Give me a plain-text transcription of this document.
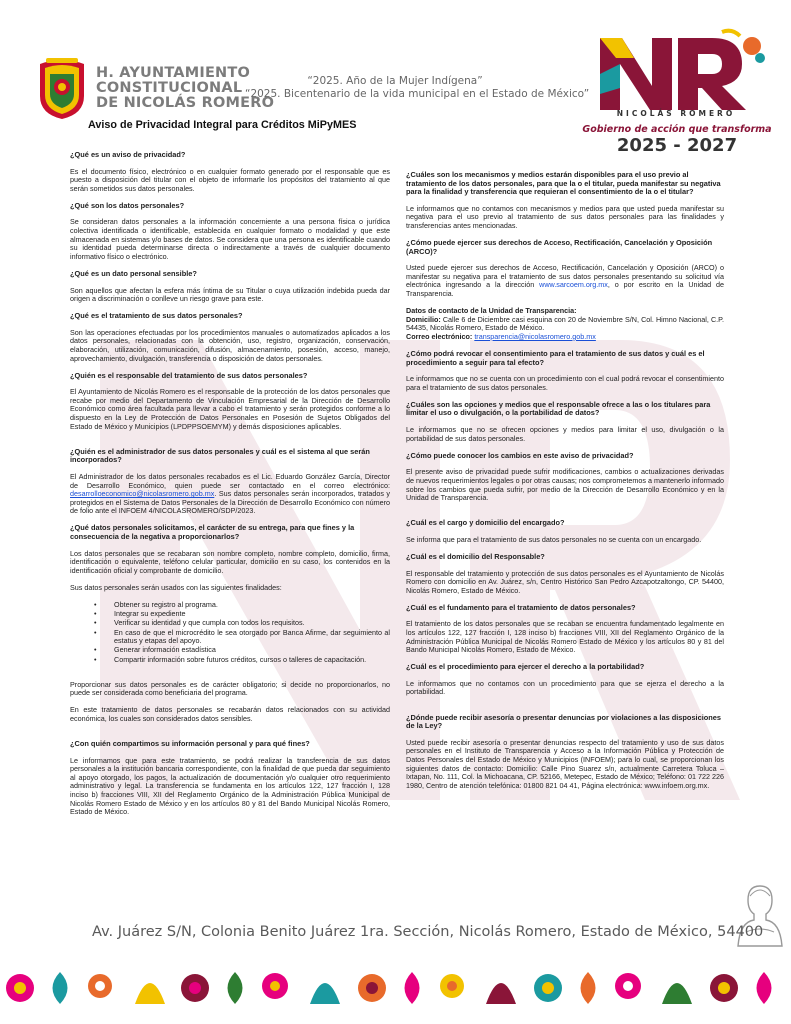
H. AYUNTAMIENTO
CONSTITUCIONAL
DE NICOLÁS ROMERO
“2025. Año de la Mujer Indígena”
“2025. Bicentenario de la vida municipal en el Estado de México”
NICOLÁS ROMERO
Gobierno de acción que transforma
2025 - 2027
Aviso de Privacidad Integral para Créditos MiPyMES
¿Qué es un aviso de privacidad?

Es el documento físico, electrónico o en cualquier formato generado por el responsable que es puesto a disposición del titular con el objeto de informarle los propósitos del tratamiento al que serán sometidos sus datos personales.

¿Qué son los datos personales?

Se consideran datos personales a la información concerniente a una persona física o jurídica colectiva identificada o identificable, establecida en cualquier formato o modalidad y que este almacenada en sistemas y/o bases de datos. Se considera que una persona es identificable cuando su identidad pueda determinarse directa o indirectamente a través de cualquier documento informativo físico o electrónico.

¿Qué es un dato personal sensible?

Son aquellos que afectan la esfera más íntima de su Titular o cuya utilización indebida pueda dar origen a discriminación o conlleve un riesgo grave para este.

¿Qué es el tratamiento de sus datos personales?

Son las operaciones efectuadas por los procedimientos manuales o automatizados aplicados a los datos personales, relacionadas con la obtención, uso, registro, organización, conservación, elaboración, utilización, comunicación, difusión, almacenamiento, posesión, acceso, manejo, aprovechamiento, divulgación, transferencia o disposición de datos personales.

¿Quién es el responsable del tratamiento de sus datos personales?

El Ayuntamiento de Nicolás Romero es el responsable de la protección de los datos personales que recabe por medio del Departamento de Vinculación Empresarial de la Dirección de Desarrollo Económico como área facultada para llevar a cabo el tratamiento y serán protegidos conforme a lo dispuesto en la Ley de Protección de Datos Personales en Posesión de Sujetos Obligados del Estado de México y Municipios (LPDPPSOEMYM) y demás disposiciones aplicables.

¿Quién es el administrador de sus datos personales y cuál es el sistema al que serán incorporados?

El Administrador de los datos personales recabados es el Lic. Eduardo González García, Director de Desarrollo Económico, quien puede ser contactado en el correo electrónico: desarrolloeconomico@nicolasromero.gob.mx. Sus datos personales serán incorporados, tratados y protegidos en el Sistema de Datos Personales de la Dirección de Desarrollo Económico con número de folio ante el INFOEM 4/NICOLASROMERO/SDP/2023.

¿Qué datos personales solicitamos, el carácter de su entrega, para que fines y la consecuencia de la negativa a proporcionarlos?

Los datos personales que se recabaran son nombre completo, nombre completo, domicilio, firma, identificación o equivalente, teléfono celular particular, domicilio en su caso, los contenidos en la identificación oficial y comprobante de domicilio.

Sus datos personales serán usados con las siguientes finalidades:

• Obtener su registro al programa.
• Integrar su expediente
• Verificar su identidad y que cumpla con todos los requisitos.
• En caso de que el microcrédito le sea otorgado por Banca Afirme, dar seguimiento al estatus y etapas del apoyo.
• Generar información estadística
• Compartir información sobre futuros créditos, cursos o talleres de capacitación.

Proporcionar sus datos personales es de carácter obligatorio; si decide no proporcionarlos, no puede ser considerada como beneficiaria del programa.

En este tratamiento de datos personales se recabarán datos relacionados con su actividad económica, los cuales son considerados datos sensibles.

¿Con quién compartimos su información personal y para qué fines?

Le informamos que para este tratamiento, se podrá realizar la transferencia de sus datos personales a la institución bancaria correspondiente, con la finalidad de que pueda dar seguimiento al apoyo otorgado, los pagos, la actualización de documentación y/o cualquier otro requerimiento administrativo y legal. La transferencia se fundamenta en los artículos 122, 127 fracción I, 128 inciso b) fracciones VIII, XII del Reglamento Orgánico de la Administración Pública Municipal de Nicolás Romero Estado de México y en los artículos 80 y 81 del Bando Municipal Nicolás Romero, Estado de México.

¿Cuáles son los mecanismos y medios estarán disponibles para el uso previo al tratamiento de los datos personales, para que la o el titular, pueda manifestar su negativa para la finalidad y transferencia que requieran el consentimiento de la o el titular?

Le informamos que no contamos con mecanismos y medios para que usted pueda manifestar su negativa para el uso previo al tratamiento de sus datos personales para las finalidades y transferencias antes mencionadas.

¿Cómo puede ejercer sus derechos de Acceso, Rectificación, Cancelación y Oposición (ARCO)?

Usted puede ejercer sus derechos de Acceso, Rectificación, Cancelación y Oposición (ARCO) o manifestar su negativa para el tratamiento de sus datos personales presentando su solicitud vía electrónica ingresando a la dirección www.sarcoem.org.mx, o por escrito en la Unidad de Transparencia.

Datos de contacto de la Unidad de Transparencia:
Domicilio: Calle 6 de Diciembre casi esquina con 20 de Noviembre S/N, Col. Himno Nacional, C.P. 54435, Nicolás Romero, Estado de México.
Correo electrónico: transparencia@nicolasromero.gob.mx

¿Cómo podrá revocar el consentimiento para el tratamiento de sus datos y cuál es el procedimiento a seguir para tal efecto?

Le informamos que no se cuenta con un procedimiento con el cual podrá revocar el consentimiento para el tratamiento de sus datos personales.

¿Cuáles son las opciones y medios que el responsable ofrece a las o los titulares para limitar el uso o divulgación, o la portabilidad de datos?

Le informamos que no se ofrecen opciones y medios para limitar el uso, divulgación o la portabilidad de sus datos personales.

¿Cómo puede conocer los cambios en este aviso de privacidad?

El presente aviso de privacidad puede sufrir modificaciones, cambios o actualizaciones derivadas de nuevos requerimientos legales o por otras causas; nos comprometemos a mantenerlo informado sobre los cambios que pueda sufrir, por medio de la Dirección de Desarrollo Económico y en la Unidad de Transparencia.

¿Cuál es el cargo y domicilio del encargado?

Se informa que para el tratamiento de sus datos personales no se cuenta con un encargado.

¿Cuál es el domicilio del Responsable?

El responsable del tratamiento y protección de sus datos personales es el Ayuntamiento de Nicolás Romero con domicilio en Av. Juárez, s/n, Centro Histórico San Pedro Azcapotzaltongo, CP. 54400, Nicolás Romero, Estado de México.

¿Cuál es el fundamento para el tratamiento de datos personales?

El tratamiento de los datos personales que se recaban se encuentra fundamentado legalmente en los artículos 122, 127 fracción I, 128 inciso b) fracciones VIII, XII del Reglamento Orgánico de la Administración Pública Municipal de Nicolás Romero Estado de México y los artículos 80 y 81 del Bando Municipal Nicolás Romero, Estado de México.

¿Cuál es el procedimiento para ejercer el derecho a la portabilidad?

Le informamos que no contamos con un procedimiento para que se ejerza el derecho a la portabilidad.

¿Dónde puede recibir asesoría o presentar denuncias por violaciones a las disposiciones de la Ley?

Usted puede recibir asesoría o presentar denuncias respecto del tratamiento y uso de sus datos personales en el Instituto de Transparencia y Acceso a la Información Pública y Protección de Datos Personales del Estado de México y Municipios (INFOEM); para lo cual, se proporcionan los siguientes datos de contacto: Domicilio: Calle Pino Suarez s/n, actualmente Carretera Toluca – Ixtapan, No. 111, Col. la Michoacana, CP. 52166, Metepec, Estado de México; Teléfono: 01 722 226 1980, Centro de atención telefónica: 01800 821 04 41, Página electrónica: www.infoem.org.mx.

Av. Juárez S/N, Colonia Benito Juárez 1ra. Sección, Nicolás Romero, Estado de México, 54400
